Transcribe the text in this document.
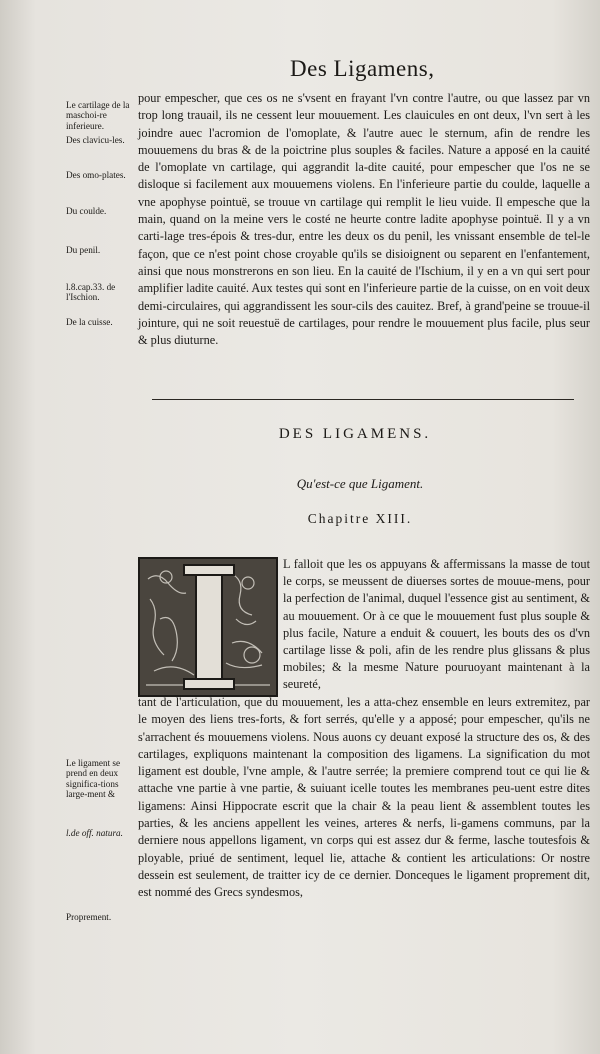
Des Ligamens,
Le cartilage de la maschoi-re inferieure.
Des clavicu-les.
Des omo-plates.
Du coulde.
Du penil.
l.8.cap.33. de l'Ischion.
De la cuisse.
Le ligament se prend en deux significa-tions large-ment &
l.de off. natura.
Proprement.

pour empescher, que ces os ne s'vsent en frayant l'vn contre l'autre, ou que lassez par vn trop long trauail, ils ne cessent leur mouuement. Les clauicules en ont deux, l'vn sert à les joindre auec l'acromion de l'omoplate, & l'autre auec le sternum, afin de rendre les mouuemens du bras & de la poictrine plus souples & faciles. Nature a apposé en la cauité de l'omoplate vn cartilage, qui aggrandit la-dite cauité, pour empescher que l'os ne se disloque si facilement aux mouuemens violens. En l'inferieure partie du coulde, laquelle a vne apophyse pointuë, se trouue vn cartilage qui remplit le lieu vuide. Il empesche que la main, quand on la meine vers le costé ne heurte contre ladite apophyse pointuë. Il y a vn carti-lage tres-épois & tres-dur, entre les deux os du penil, les vnissant ensemble de tel-le façon, que ce n'est point chose croyable qu'ils se disioignent ou separent en l'enfantement, ainsi que nous monstrerons en son lieu. En la cauité de l'Ischium, il y en a vn qui sert pour amplifier ladite cauité. Aux testes qui sont en l'inferieure partie de la cuisse, on en voit deux demi-circulaires, qui aggrandissent les sour-cils des cauitez. Bref, à grand'peine se trouue-il jointure, qui ne soit reuestuë de cartilages, pour rendre le mouuement plus facile, plus seur & plus diuturne.

DES LIGAMENS.
Qu'est-ce que Ligament.
Chapitre XIII.

L falloit que les os appuyans & affermissans la masse de tout le corps, se meussent de diuerses sortes de mouue-mens, pour la perfection de l'animal, duquel l'essence gist au sentiment, & au mouuement. Or à ce que le mouuement fust plus souple & plus facile, Nature a enduit & couuert, les bouts des os d'vn cartilage lisse & poli, afin de les rendre plus glissans & plus mobiles; & la mesme Nature pouruoyant maintenant à la seureté,

tant de l'articulation, que du mouuement, les a atta-chez ensemble en leurs extremitez, par le moyen des liens tres-forts, & fort serrés, qu'elle y a apposé; pour empescher, qu'ils ne s'arrachent és mouuemens violens. Nous auons cy deuant exposé la structure des os, & des cartilages, expliquons maintenant la composition des ligamens. La signification du mot ligament est double, l'vne ample, & l'autre serrée; la premiere comprend tout ce qui lie & attache vne partie à vne partie, & suiuant icelle toutes les membranes peu-uent estre dites ligamens: Ainsi Hippocrate escrit que la chair & la peau lient & assemblent toutes les parties, & les anciens appellent les veines, arteres & nerfs, li-gamens communs, par la derniere nous appellons ligament, vn corps qui est assez dur & ferme, lasche toutesfois & ployable, priué de sentiment, lequel lie, attache & contient les articulations: Or nostre dessein est seulement, de traitter icy de ce dernier. Donceques le ligament proprement dit, est nommé des Grecs syndesmos,
